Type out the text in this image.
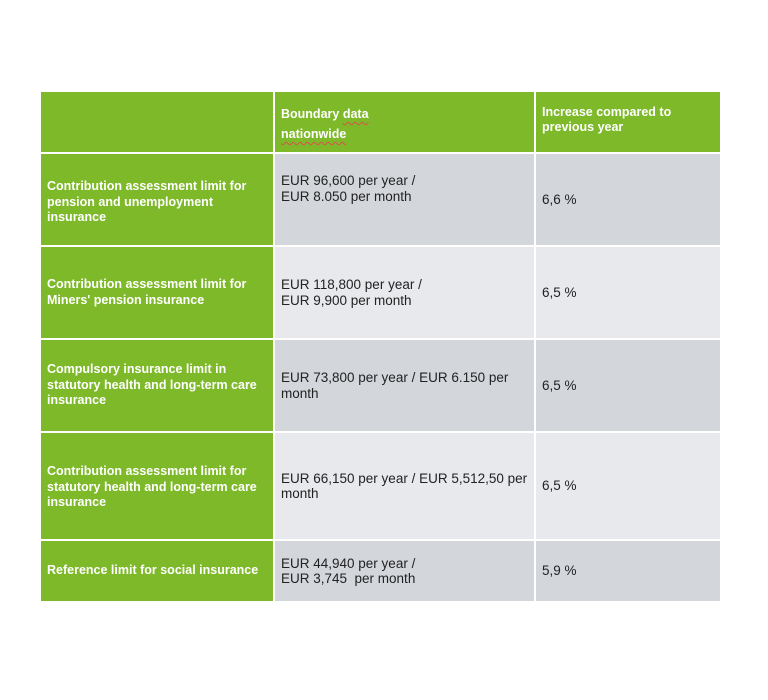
Boundary data
nationwide
Increase compared to previous year
Contribution assessment limit for pension and unemployment insurance
EUR 96,600 per year / EUR 8.050 per month	6,6 %
Contribution assessment limit for Miners' pension insurance
EUR 118,800 per year / EUR 9,900 per month
6,5 %
Compulsory insurance limit in statutory health and long-term care insurance
EUR 73,800 per year / EUR 6.150 per month
6,5 %
Contribution assessment limit for statutory health and long-term care insurance
EUR 66,150 per year / EUR 5,512,50 per month
6,5 %
Reference limit for social insurance EUR 44,940 per year / EUR 3,745  per month
5,9 %
